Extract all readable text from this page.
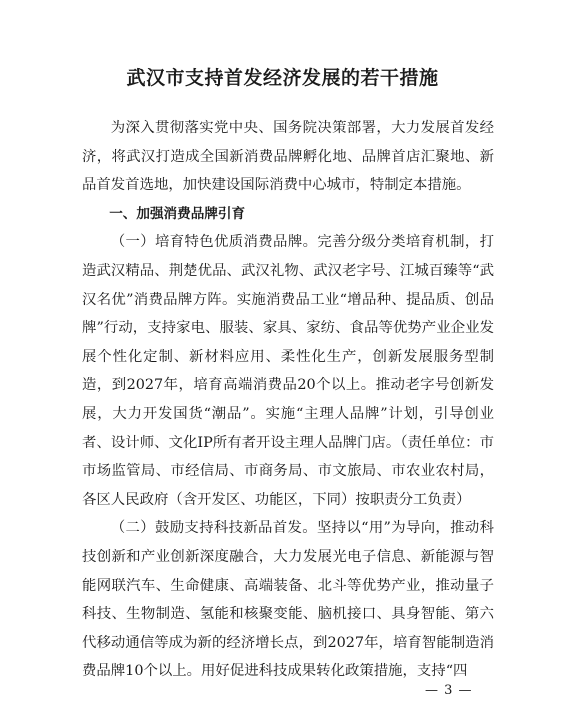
武汉市支持首发经济发展的若干措施

为深入贯彻落实党中央、国务院决策部署，大力发展首发经济，将武汉打造成全国新消费品牌孵化地、品牌首店汇聚地、新品首发首选地，加快建设国际消费中心城市，特制定本措施。

一、加强消费品牌引育

（一）培育特色优质消费品牌。完善分级分类培育机制，打造武汉精品、荆楚优品、武汉礼物、武汉老字号、江城百臻等“武汉名优”消费品牌方阵。实施消费品工业“增品种、提品质、创品牌”行动，支持家电、服装、家具、家纺、食品等优势产业企业发展个性化定制、新材料应用、柔性化生产，创新发展服务型制造，到2027年，培育高端消费品20个以上。推动老字号创新发展，大力开发国货“潮品”。实施“主理人品牌”计划，引导创业者、设计师、文化IP所有者开设主理人品牌门店。（责任单位：市市场监管局、市经信局、市商务局、市文旅局、市农业农村局，各区人民政府（含开发区、功能区，下同）按职责分工负责）

（二）鼓励支持科技新品首发。坚持以“用”为导向，推动科技创新和产业创新深度融合，大力发展光电子信息、新能源与智能网联汽车、生命健康、高端装备、北斗等优势产业，推动量子科技、生物制造、氢能和核聚变能、脑机接口、具身智能、第六代移动通信等成为新的经济增长点，到2027年，培育智能制造消费品牌10个以上。用好促进科技成果转化政策措施，支持“四

— 3 —
